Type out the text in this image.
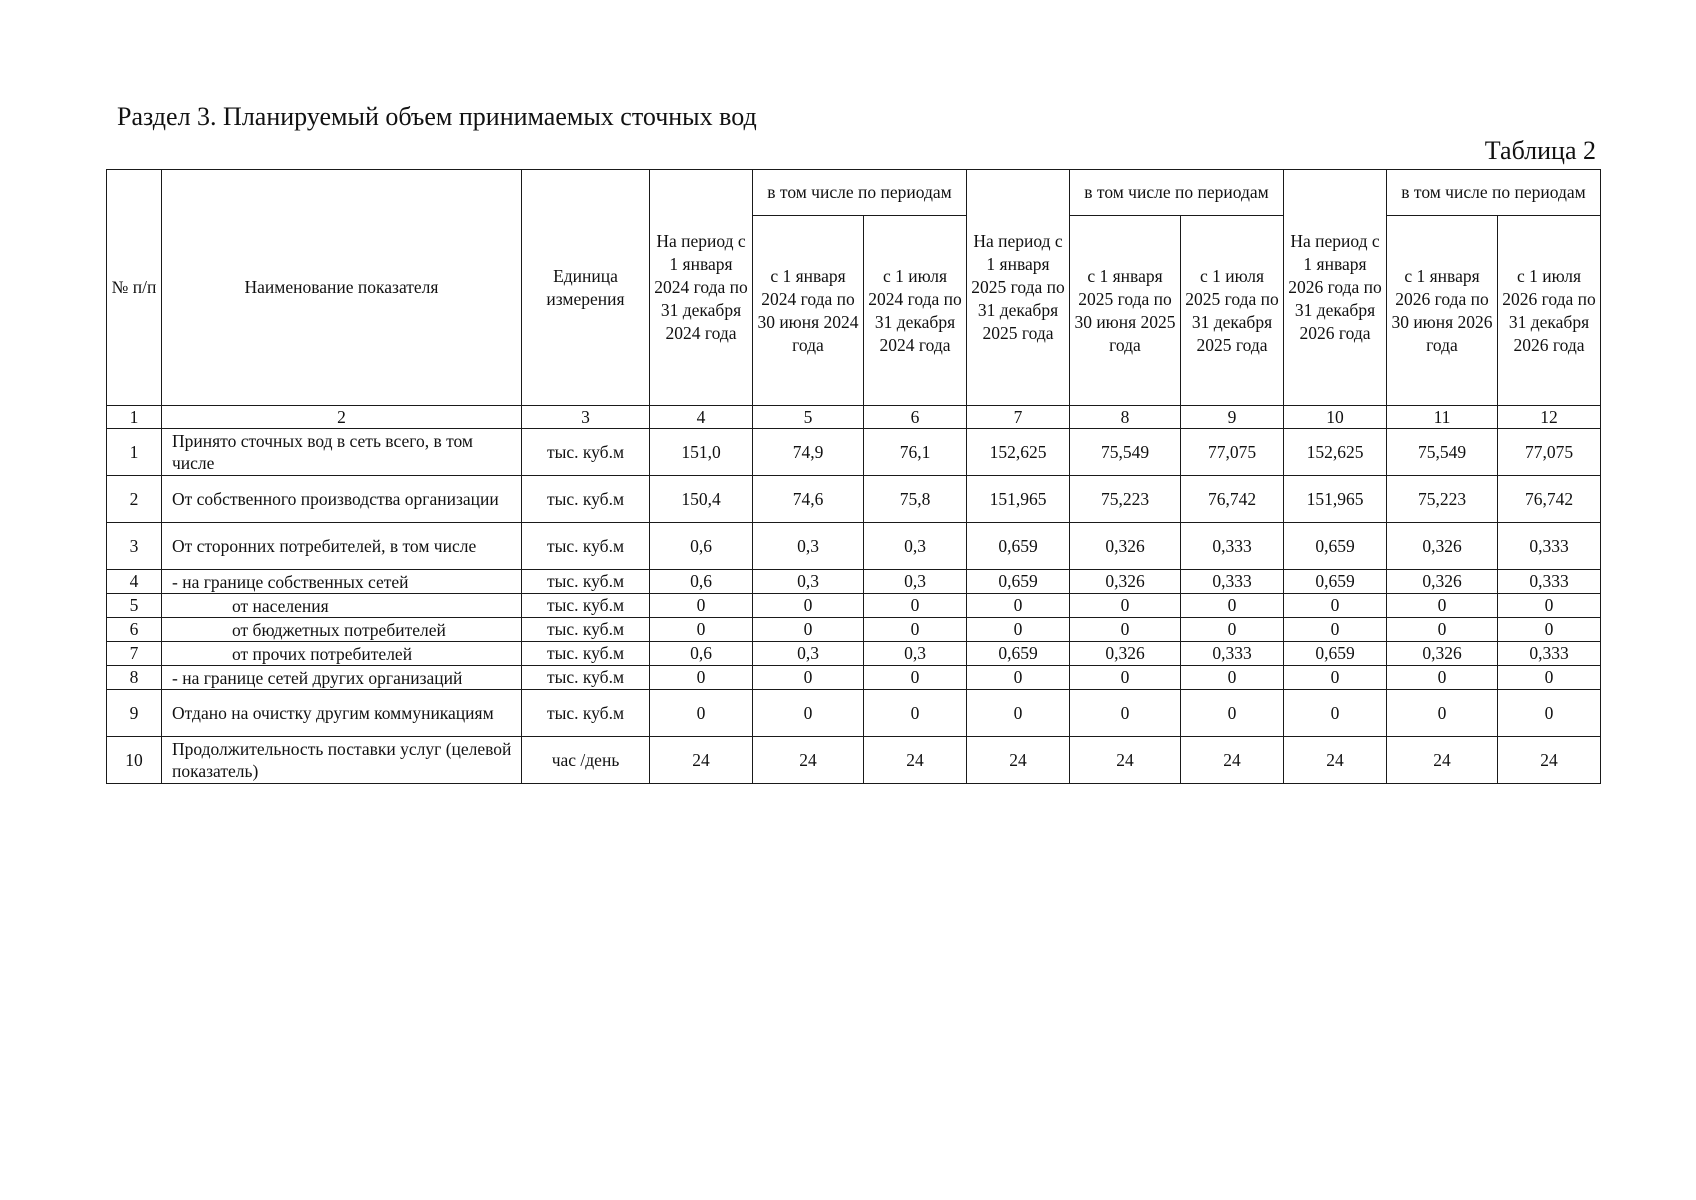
Раздел 3. Планируемый объем принимаемых сточных вод
Таблица 2
№ п/п	Наименование показателя	Единица измерения	На период с 1 января 2024 года по 31 декабря 2024 года	в том числе по периодам		На период с 1 января 2025 года по 31 декабря 2025 года	в том числе по периодам		На период с 1 января 2026 года по 31 декабря 2026 года	в том числе по периодам	
				с 1 января 2024 года по 30 июня 2024 года	с 1 июля 2024 года по 31 декабря 2024 года		с 1 января 2025 года по 30 июня 2025 года	с 1 июля 2025 года по 31 декабря 2025 года		с 1 января 2026 года по 30 июня 2026 года	с 1 июля 2026 года по 31 декабря 2026 года
1	2	3	4	5	6	7	8	9	10	11	12
1	Принято сточных вод в сеть всего, в том числе	тыс. куб.м	151,0	74,9	76,1	152,625	75,549	77,075	152,625	75,549	77,075
2	От собственного производства организации	тыс. куб.м	150,4	74,6	75,8	151,965	75,223	76,742	151,965	75,223	76,742
3	От сторонних потребителей, в том числе	тыс. куб.м	0,6	0,3	0,3	0,659	0,326	0,333	0,659	0,326	0,333
4	- на границе собственных сетей	тыс. куб.м	0,6	0,3	0,3	0,659	0,326	0,333	0,659	0,326	0,333
5	от населения	тыс. куб.м	0	0	0	0	0	0	0	0	0
6	от бюджетных потребителей	тыс. куб.м	0	0	0	0	0	0	0	0	0
7	от прочих потребителей	тыс. куб.м	0,6	0,3	0,3	0,659	0,326	0,333	0,659	0,326	0,333
8	- на границе сетей других организаций	тыс. куб.м	0	0	0	0	0	0	0	0	0
9	Отдано на очистку другим коммуникациям	тыс. куб.м	0	0	0	0	0	0	0	0	0
10	Продолжительность поставки услуг (целевой показатель)	час /день	24	24	24	24	24	24	24	24	24
